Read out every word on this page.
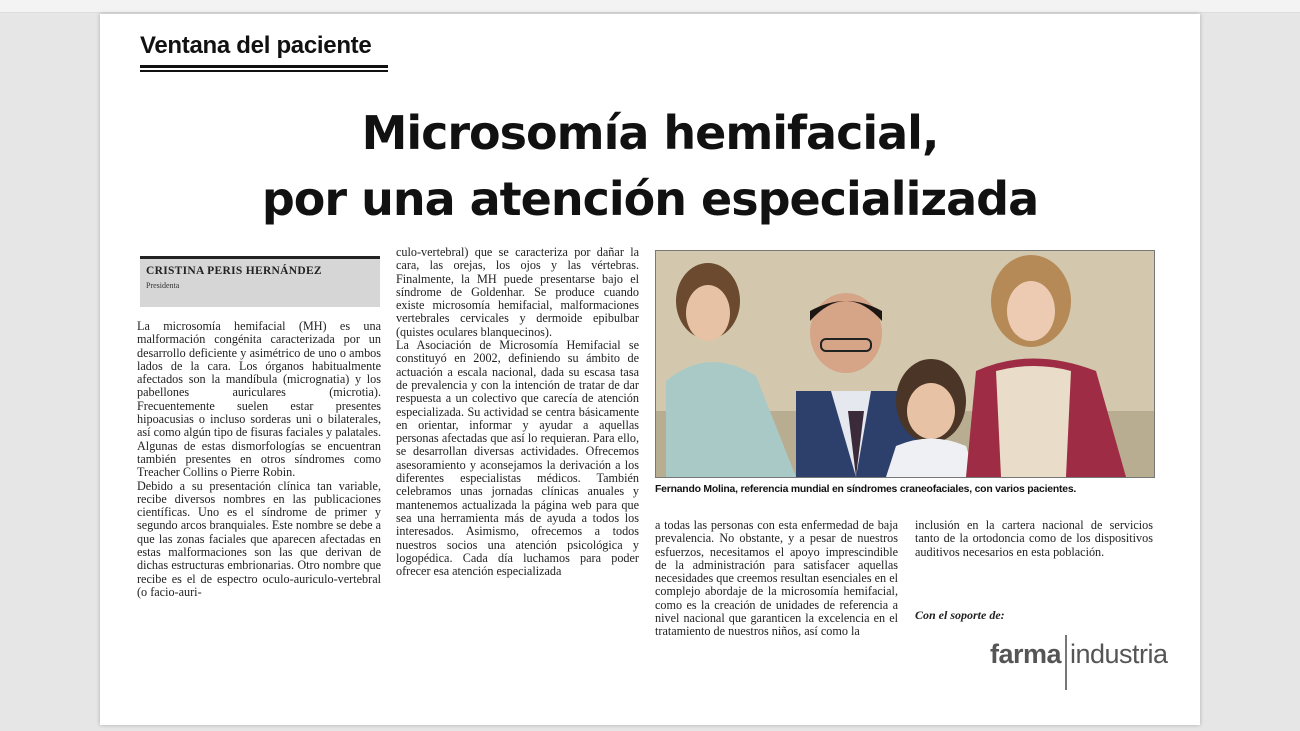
Ventana del paciente
Microsomía hemifacial,
por una atención especializada
CRISTINA PERIS HERNÁNDEZ
Presidenta

La microsomía hemifacial (MH) es una malformación congénita caracterizada por un desarrollo deficiente y asimétrico de uno o ambos lados de la cara. Los órganos habitualmente afectados son la mandíbula (micrognatia) y los pabellones auriculares (microtia). Frecuentemente suelen estar presentes hipoacusias o incluso sorderas uni o bilaterales, así como algún tipo de fisuras faciales y palatales. Algunas de estas dismorfologías se encuentran también presentes en otros síndromes como Treacher Collins o Pierre Robin.

Debido a su presentación clínica tan variable, recibe diversos nombres en las publicaciones científicas. Uno es el síndrome de primer y segundo arcos branquiales. Este nombre se debe a que las zonas faciales que aparecen afectadas en estas malformaciones son las que derivan de dichas estructuras embrionarias. Otro nombre que recibe es el de espectro oculo-auriculo-vertebral (o facio-auri-

culo-vertebral) que se caracteriza por dañar la cara, las orejas, los ojos y las vértebras. Finalmente, la MH puede presentarse bajo el síndrome de Goldenhar. Se produce cuando existe microsomía hemifacial, malformaciones vertebrales cervicales y dermoide epibulbar (quistes oculares blanquecinos).

La Asociación de Microsomía Hemifacial se constituyó en 2002, definiendo su ámbito de actuación a escala nacional, dada su escasa tasa de prevalencia y con la intención de tratar de dar respuesta a un colectivo que carecía de atención especializada. Su actividad se centra básicamente en orientar, informar y ayudar a aquellas personas afectadas que así lo requieran. Para ello, se desarrollan diversas actividades. Ofrecemos asesoramiento y aconsejamos la derivación a los diferentes especialistas médicos. También celebramos unas jornadas clínicas anuales y mantenemos actualizada la página web para que sea una herramienta más de ayuda a todos los interesados. Asimismo, ofrecemos a todos nuestros socios una atención psicológica y logopédica. Cada día luchamos para poder ofrecer esa atención especializada

Fernando Molina, referencia mundial en síndromes craneofaciales, con varios pacientes.

a todas las personas con esta enfermedad de baja prevalencia. No obstante, y a pesar de nuestros esfuerzos, necesitamos el apoyo imprescindible de la administración para satisfacer aquellas necesidades que creemos resultan esenciales en el complejo abordaje de la microsomía hemifacial, como es la creación de unidades de referencia a nivel nacional que garanticen la excelencia en el tratamiento de nuestros niños, así como la

inclusión en la cartera nacional de servicios tanto de la ortodoncia como de los dispositivos auditivos necesarios en esta población.

Con el soporte de:
farma industria
